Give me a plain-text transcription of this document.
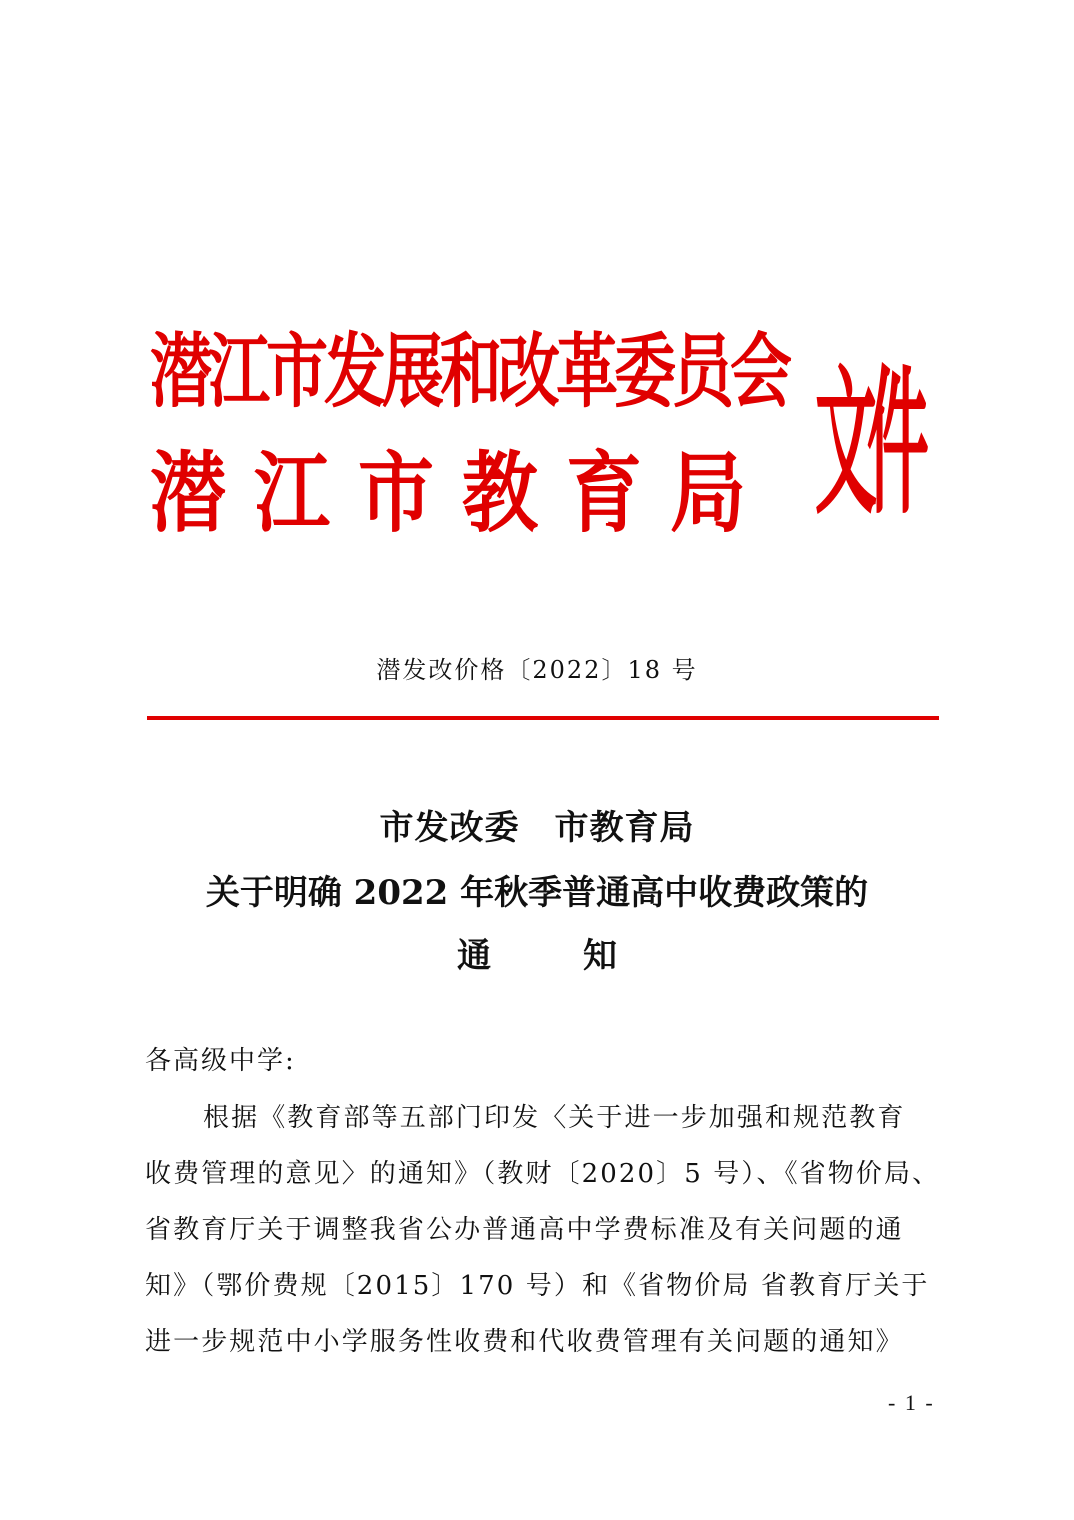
潜江市发展和改革委员会
潜江市教育局 文件
潜发改价格〔2022〕18 号
市发改委　市教育局
关于明确 2022 年秋季普通高中收费政策的
通	知
各高级中学:
根据《教育部等五部门印发〈关于进一步加强和规范教育
收费管理的意见〉的通知》（教财〔2020〕5 号）、《省物价局、
省教育厅关于调整我省公办普通高中学费标准及有关问题的通
知》（鄂价费规〔2015〕170 号）和《省物价局 省教育厅关于
进一步规范中小学服务性收费和代收费管理有关问题的通知》
- 1 -
